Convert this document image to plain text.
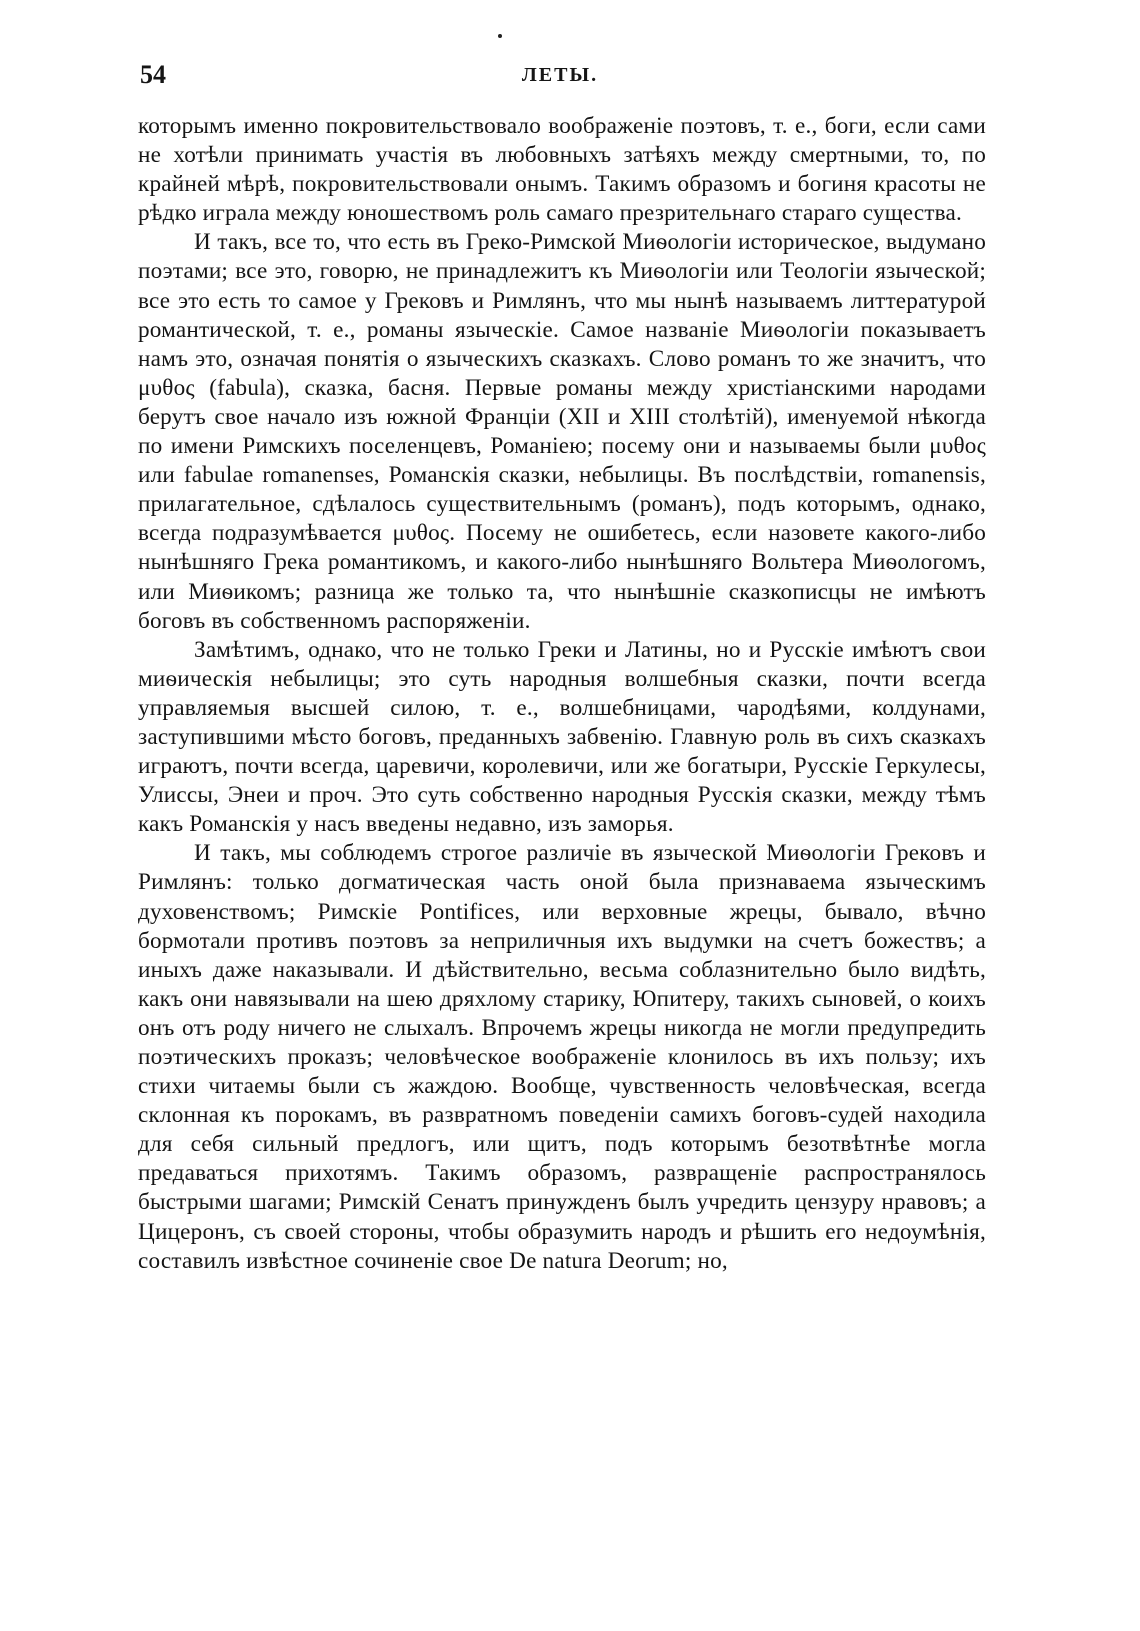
54	ЛЕТЫ.

которымъ именно покровительствовало воображенiе поэтовъ, т. е., боги, если сами не хотѣли принимать участiя въ любовныхъ затѣяхъ между смертными, то, по крайней мѣрѣ, покровительствовали онымъ. Такимъ образомъ и богиня красоты не рѣдко играла между юношествомъ роль самаго презрительнаго стараго существа.

И такъ, все то, что есть въ Греко-Римской Миѳологiи историческое, выдумано поэтами; все это, говорю, не принадлежитъ къ Миѳологiи или Теологiи языческой; все это есть то самое у Грековъ и Римлянъ, что мы нынѣ называемъ литтературой романтической, т. е., романы языческiе. Самое названiе Миѳологiи показываетъ намъ это, означая понятiя о языческихъ сказкахъ. Слово романъ то же значитъ, что μυθος (fabula), сказка, басня. Первые романы между христiанскими народами берутъ свое начало изъ южной Францiи (XII и XIII столѣтiй), именуемой нѣкогда по имени Римскихъ поселенцевъ, Романiею; посему они и называемы были μυθος или fabulae romanenses, Романскiя сказки, небылицы. Въ послѣдствiи, romanensis, прилагательное, сдѣлалось существительнымъ (романъ), подъ которымъ, однако, всегда подразумѣвается μυθος. Посему не ошибетесь, если назовете какого-либо нынѣшняго Грека романтикомъ, и какого-либо нынѣшняго Вольтера Миѳологомъ, или Миѳикомъ; разница же только та, что нынѣшнiе сказкописцы не имѣютъ боговъ въ собственномъ распоряженiи.

Замѣтимъ, однако, что не только Греки и Латины, но и Русскiе имѣютъ свои миѳическiя небылицы; это суть народныя волшебныя сказки, почти всегда управляемыя высшей силою, т. е., волшебницами, чародѣями, колдунами, заступившими мѣсто боговъ, преданныхъ забвенiю. Главную роль въ сихъ сказкахъ играютъ, почти всегда, царевичи, королевичи, или же богатыри, Русскiе Геркулесы, Улиссы, Энеи и проч. Это суть собственно народныя Русскiя сказки, между тѣмъ какъ Романскiя у насъ введены недавно, изъ заморья.

И такъ, мы соблюдемъ строгое различiе въ языческой Миѳологiи Грековъ и Римлянъ: только догматическая часть оной была признаваема языческимъ духовенствомъ; Римскiе Pontifices, или верховные жрецы, бывало, вѣчно бормотали противъ поэтовъ за неприличныя ихъ выдумки на счетъ божествъ; а иныхъ даже наказывали. И дѣйствительно, весьма соблазнительно было видѣть, какъ они навязывали на шею дряхлому старику, Юпитеру, такихъ сыновей, о коихъ онъ отъ роду ничего не слыхалъ. Впрочемъ жрецы никогда не могли предупредить поэтическихъ проказъ; человѣческое воображенiе клонилось въ ихъ пользу; ихъ стихи читаемы были съ жаждою. Вообще, чувственность человѣческая, всегда склонная къ порокамъ, въ развратномъ поведенiи самихъ боговъ-судей находила для себя сильный предлогъ, или щитъ, подъ которымъ безотвѣтнѣе могла предаваться прихотямъ. Такимъ образомъ, развращенiе распространялось быстрыми шагами; Римскiй Сенатъ принужденъ былъ учредить цензуру нравовъ; а Цицеронъ, съ своей стороны, чтобы образумить народъ и рѣшить его недоумѣнiя, составилъ извѣстное сочиненiе свое De natura Deorum; но,
